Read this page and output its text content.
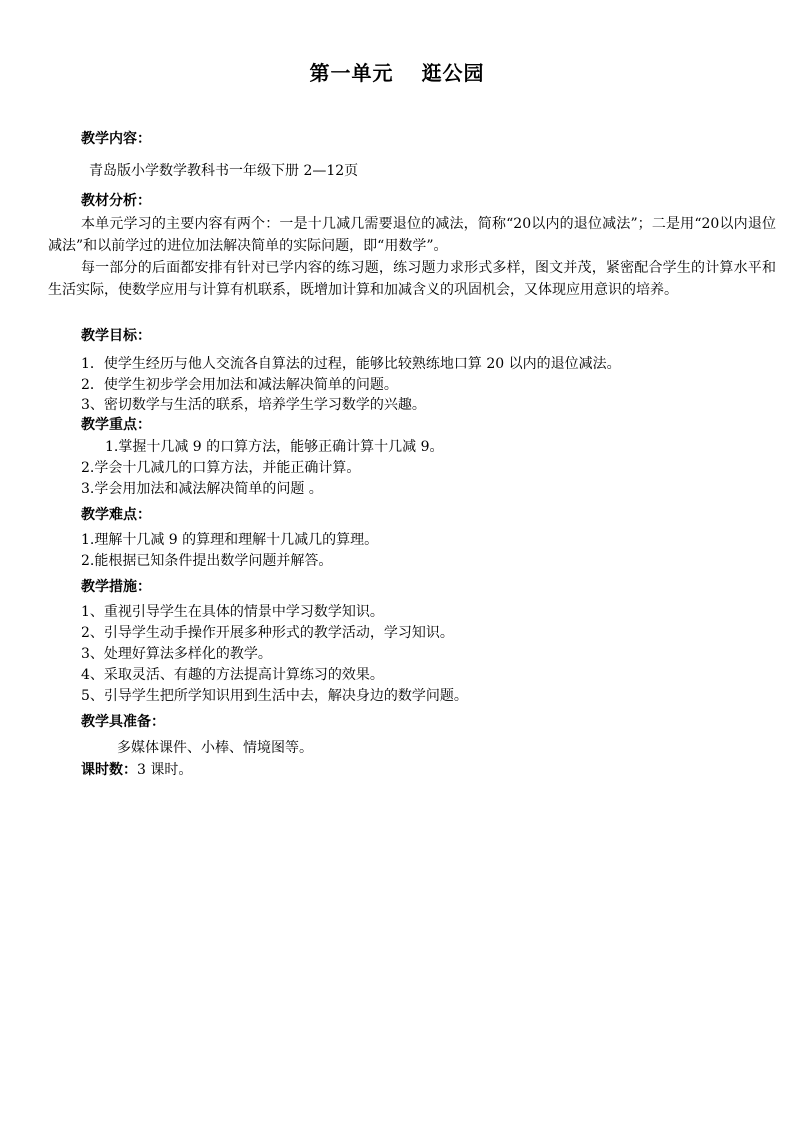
第一单元 逛公园
教学内容：
青岛版小学数学教科书一年级下册 2—12页
教材分析：
本单元学习的主要内容有两个：一是十几减几需要退位的减法，简称“20以内的退位减法”；二是用“20以内退位减法”和以前学过的进位加法解决简单的实际问题，即“用数学”。
每一部分的后面都安排有针对已学内容的练习题，练习题力求形式多样，图文并茂，紧密配合学生的计算水平和生活实际，使数学应用与计算有机联系，既增加计算和加减含义的巩固机会，又体现应用意识的培养。
教学目标：
1．使学生经历与他人交流各自算法的过程，能够比较熟练地口算 20 以内的退位减法。
2．使学生初步学会用加法和减法解决简单的问题。
3、密切数学与生活的联系，培养学生学习数学的兴趣。
教学重点：
1.掌握十几减 9 的口算方法，能够正确计算十几减 9。
2.学会十几减几的口算方法，并能正确计算。
3.学会用加法和减法解决简单的问题 。
教学难点：
1.理解十几减 9 的算理和理解十几减几的算理。
2.能根据已知条件提出数学问题并解答。
教学措施：
1、重视引导学生在具体的情景中学习数学知识。
2、引导学生动手操作开展多种形式的教学活动，学习知识。
3、处理好算法多样化的教学。
4、采取灵活、有趣的方法提高计算练习的效果。
5、引导学生把所学知识用到生活中去，解决身边的数学问题。
教学具准备：
多媒体课件、小棒、情境图等。
课时数：3 课时。
